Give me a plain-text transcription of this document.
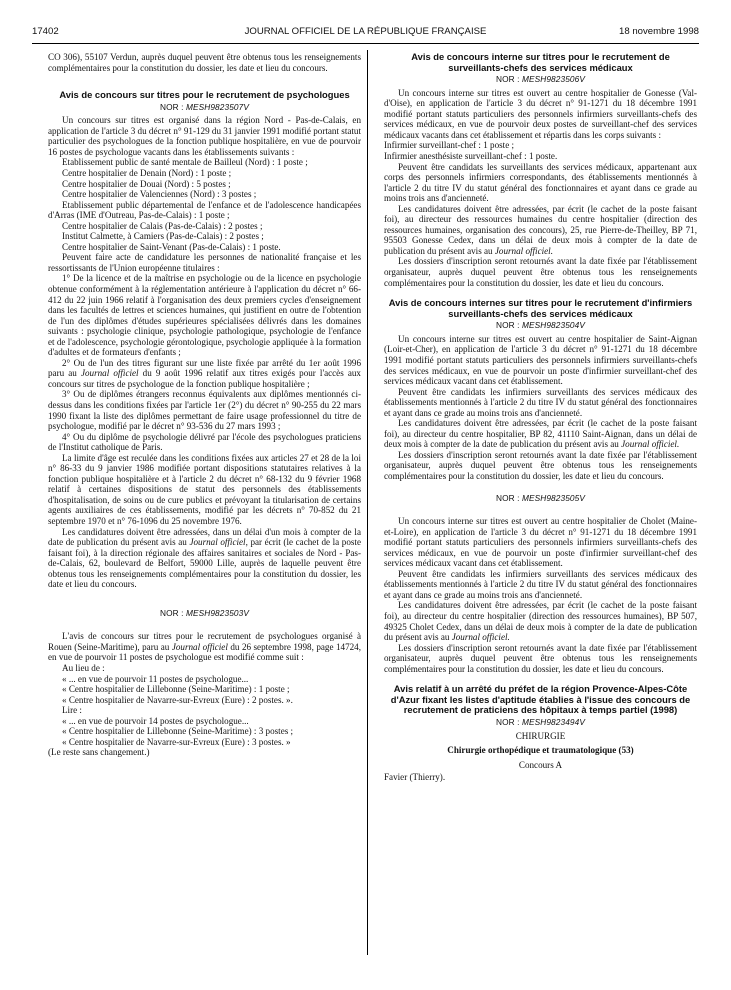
17402	JOURNAL OFFICIEL DE LA RÉPUBLIQUE FRANÇAISE	18 novembre 1998

CO 306), 55107 Verdun, auprès duquel peuvent être obtenus tous les renseignements complémentaires pour la constitution du dossier, les date et lieu du concours.

Avis de concours sur titres pour le recrutement de psychologues
NOR : MESH9823507V

Un concours sur titres est organisé dans la région Nord - Pas-de-Calais, en application de l'article 3 du décret n° 91-129 du 31 janvier 1991 modifié portant statut particulier des psychologues de la fonction publique hospitalière, en vue de pourvoir 16 postes de psychologue vacants dans les établissements suivants :

Etablissement public de santé mentale de Bailleul (Nord) : 1 poste ;

Centre hospitalier de Denain (Nord) : 1 poste ;

Centre hospitalier de Douai (Nord) : 5 postes ;

Centre hospitalier de Valenciennes (Nord) : 3 postes ;

Etablissement public départemental de l'enfance et de l'adolescence handicapées d'Arras (IME d'Outreau, Pas-de-Calais) : 1 poste ;

Centre hospitalier de Calais (Pas-de-Calais) : 2 postes ;

Institut Calmette, à Camiers (Pas-de-Calais) : 2 postes ;

Centre hospitalier de Saint-Venant (Pas-de-Calais) : 1 poste.

Peuvent faire acte de candidature les personnes de nationalité française et les ressortissants de l'Union européenne titulaires :

1° De la licence et de la maîtrise en psychologie ou de la licence en psychologie obtenue conformément à la réglementation antérieure à l'application du décret n° 66-412 du 22 juin 1966 relatif à l'organisation des deux premiers cycles d'enseignement dans les facultés de lettres et sciences humaines, qui justifient en outre de l'obtention de l'un des diplômes d'études supérieures spécialisées délivrés dans les domaines suivants : psychologie clinique, psychologie pathologique, psychologie de l'enfance et de l'adolescence, psychologie gérontologique, psychologie appliquée à la formation d'adultes et de formateurs d'enfants ;

2° Ou de l'un des titres figurant sur une liste fixée par arrêté du 1er août 1996 paru au Journal officiel du 9 août 1996 relatif aux titres exigés pour l'accès aux concours sur titres de psychologue de la fonction publique hospitalière ;

3° Ou de diplômes étrangers reconnus équivalents aux diplômes mentionnés ci-dessus dans les conditions fixées par l'article 1er (2°) du décret n° 90-255 du 22 mars 1990 fixant la liste des diplômes permettant de faire usage professionnel du titre de psychologue, modifié par le décret n° 93-536 du 27 mars 1993 ;

4° Ou du diplôme de psychologie délivré par l'école des psychologues praticiens de l'Institut catholique de Paris.

La limite d'âge est reculée dans les conditions fixées aux articles 27 et 28 de la loi n° 86-33 du 9 janvier 1986 modifiée portant dispositions statutaires relatives à la fonction publique hospitalière et à l'article 2 du décret n° 68-132 du 9 février 1968 relatif à certaines dispositions de statut des personnels des établissements d'hospitalisation, de soins ou de cure publics et prévoyant la titularisation de certains agents auxiliaires de ces établissements, modifié par les décrets n° 70-852 du 21 septembre 1970 et n° 76-1096 du 25 novembre 1976.

Les candidatures doivent être adressées, dans un délai d'un mois à compter de la date de publication du présent avis au Journal officiel, par écrit (le cachet de la poste faisant foi), à la direction régionale des affaires sanitaires et sociales de Nord - Pas-de-Calais, 62, boulevard de Belfort, 59000 Lille, auprès de laquelle peuvent être obtenus tous les renseignements complémentaires pour la constitution du dossier, les date et lieu du concours.

NOR : MESH9823503V

L'avis de concours sur titres pour le recrutement de psychologues organisé à Rouen (Seine-Maritime), paru au Journal officiel du 26 septembre 1998, page 14724, en vue de pourvoir 11 postes de psychologue est modifié comme suit :

Au lieu de :

« ... en vue de pourvoir 11 postes de psychologue...

« Centre hospitalier de Lillebonne (Seine-Maritime) : 1 poste ;

« Centre hospitalier de Navarre-sur-Evreux (Eure) : 2 postes. ».

Lire :

« ... en vue de pourvoir 14 postes de psychologue...

« Centre hospitalier de Lillebonne (Seine-Maritime) : 3 postes ;

« Centre hospitalier de Navarre-sur-Evreux (Eure) : 3 postes. »

(Le reste sans changement.)

Avis de concours interne sur titres pour le recrutement de surveillants-chefs des services médicaux
NOR : MESH9823506V

Un concours interne sur titres est ouvert au centre hospitalier de Gonesse (Val-d'Oise), en application de l'article 3 du décret n° 91-1271 du 18 décembre 1991 modifié portant statuts particuliers des personnels infirmiers surveillants-chefs des services médicaux, en vue de pourvoir deux postes de surveillant-chef des services médicaux vacants dans cet établissement et répartis dans les corps suivants :

Infirmier surveillant-chef : 1 poste ;

Infirmier anesthésiste surveillant-chef : 1 poste.

Peuvent être candidats les surveillants des services médicaux, appartenant aux corps des personnels infirmiers correspondants, des établissements mentionnés à l'article 2 du titre IV du statut général des fonctionnaires et ayant dans ce grade au moins trois ans d'ancienneté.

Les candidatures doivent être adressées, par écrit (le cachet de la poste faisant foi), au directeur des ressources humaines du centre hospitalier (direction des ressources humaines, organisation des concours), 25, rue Pierre-de-Theilley, BP 71, 95503 Gonesse Cedex, dans un délai de deux mois à compter de la date de publication du présent avis au Journal officiel.

Les dossiers d'inscription seront retournés avant la date fixée par l'établissement organisateur, auprès duquel peuvent être obtenus tous les renseignements complémentaires pour la constitution du dossier, les date et lieu du concours.

Avis de concours internes sur titres pour le recrutement d'infirmiers surveillants-chefs des services médicaux
NOR : MESH9823504V

Un concours interne sur titres est ouvert au centre hospitalier de Saint-Aignan (Loir-et-Cher), en application de l'article 3 du décret n° 91-1271 du 18 décembre 1991 modifié portant statuts particuliers des personnels infirmiers surveillants-chefs des services médicaux, en vue de pourvoir un poste d'infirmier surveillant-chef des services médicaux vacant dans cet établissement.

Peuvent être candidats les infirmiers surveillants des services médicaux des établissements mentionnés à l'article 2 du titre IV du statut général des fonctionnaires et ayant dans ce grade au moins trois ans d'ancienneté.

Les candidatures doivent être adressées, par écrit (le cachet de la poste faisant foi), au directeur du centre hospitalier, BP 82, 41110 Saint-Aignan, dans un délai de deux mois à compter de la date de publication du présent avis au Journal officiel.

Les dossiers d'inscription seront retournés avant la date fixée par l'établissement organisateur, auprès duquel peuvent être obtenus tous les renseignements complémentaires pour la constitution du dossier, les date et lieu du concours.

NOR : MESH9823505V

Un concours interne sur titres est ouvert au centre hospitalier de Cholet (Maine-et-Loire), en application de l'article 3 du décret n° 91-1271 du 18 décembre 1991 modifié portant statuts particuliers des personnels infirmiers surveillants-chefs des services médicaux, en vue de pourvoir un poste d'infirmier surveillant-chef des services médicaux vacant dans cet établissement.

Peuvent être candidats les infirmiers surveillants des services médicaux des établissements mentionnés à l'article 2 du titre IV du statut général des fonctionnaires et ayant dans ce grade au moins trois ans d'ancienneté.

Les candidatures doivent être adressées, par écrit (le cachet de la poste faisant foi), au directeur du centre hospitalier (direction des ressources humaines), BP 507, 49325 Cholet Cedex, dans un délai de deux mois à compter de la date de publication du présent avis au Journal officiel.

Les dossiers d'inscription seront retournés avant la date fixée par l'établissement organisateur, auprès duquel peuvent être obtenus tous les renseignements complémentaires pour la constitution du dossier, les date et lieu du concours.

Avis relatif à un arrêté du préfet de la région Provence-Alpes-Côte d'Azur fixant les listes d'aptitude établies à l'issue des concours de recrutement de praticiens des hôpitaux à temps partiel (1998)
NOR : MESH9823494V

CHIRURGIE

Chirurgie orthopédique et traumatologique (53)

Concours A

Favier (Thierry).
